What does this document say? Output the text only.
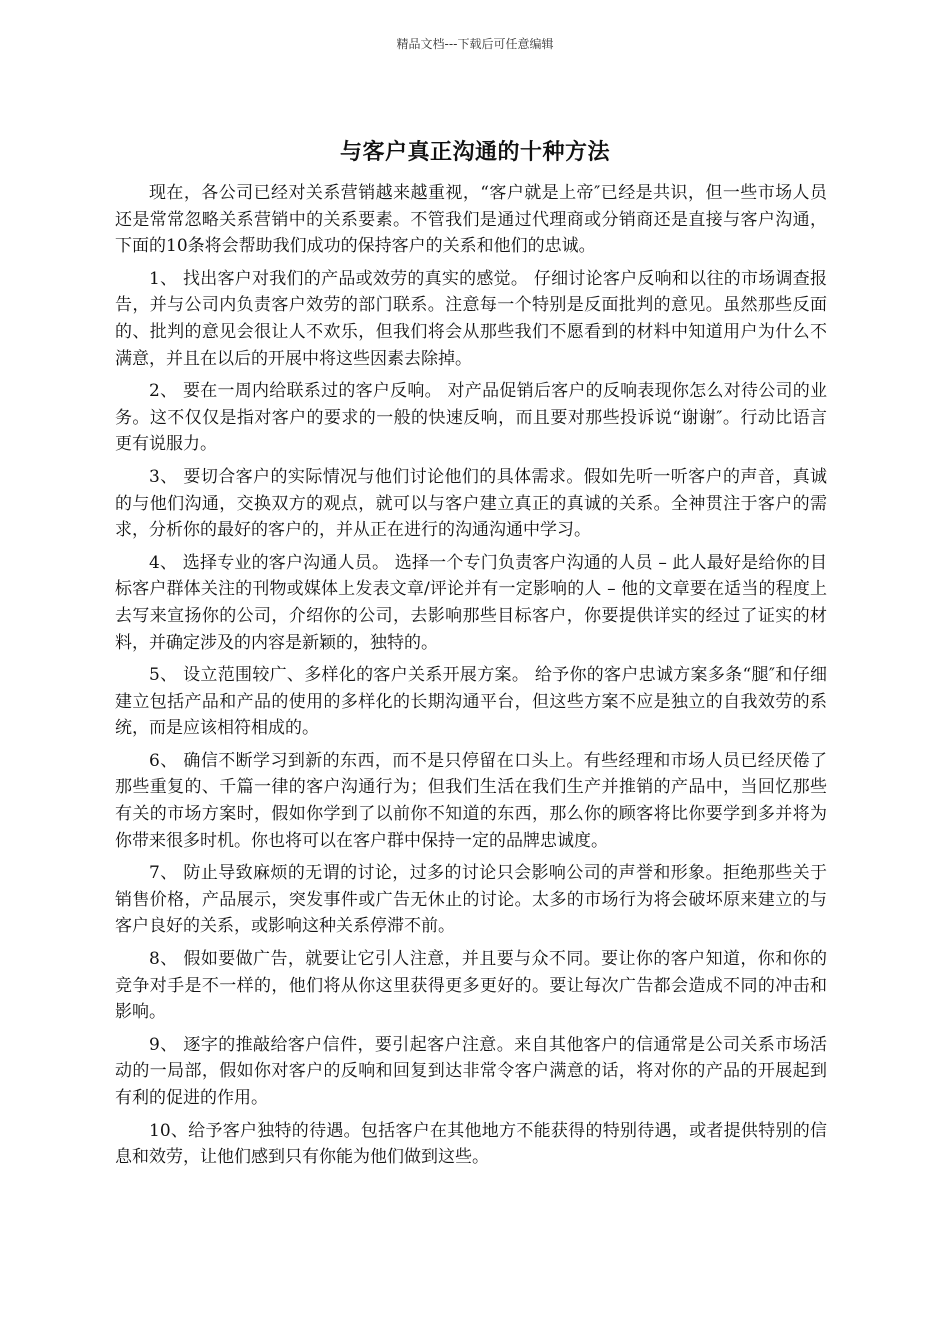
精品文档---下载后可任意编辑
与客户真正沟通的十种方法

现在，各公司已经对关系营销越来越重视，“客户就是上帝″已经是共识，但一些市场人员还是常常忽略关系营销中的关系要素。不管我们是通过代理商或分销商还是直接与客户沟通，下面的10条将会帮助我们成功的保持客户的关系和他们的忠诚。

1、 找出客户对我们的产品或效劳的真实的感觉。 仔细讨论客户反响和以往的市场调查报告，并与公司内负责客户效劳的部门联系。注意每一个特别是反面批判的意见。虽然那些反面的、批判的意见会很让人不欢乐，但我们将会从那些我们不愿看到的材料中知道用户为什么不满意，并且在以后的开展中将这些因素去除掉。

2、 要在一周内给联系过的客户反响。 对产品促销后客户的反响表现你怎么对待公司的业务。这不仅仅是指对客户的要求的一般的快速反响，而且要对那些投诉说“谢谢″。行动比语言更有说服力。

3、 要切合客户的实际情况与他们讨论他们的具体需求。假如先听一听客户的声音，真诚的与他们沟通，交换双方的观点，就可以与客户建立真正的真诚的关系。全神贯注于客户的需求，分析你的最好的客户的，并从正在进行的沟通沟通中学习。

4、 选择专业的客户沟通人员。 选择一个专门负责客户沟通的人员 – 此人最好是给你的目标客户群体关注的刊物或媒体上发表文章/评论并有一定影响的人 – 他的文章要在适当的程度上去写来宣扬你的公司，介绍你的公司，去影响那些目标客户，你要提供详实的经过了证实的材料，并确定涉及的内容是新颖的，独特的。

5、 设立范围较广、多样化的客户关系开展方案。 给予你的客户忠诚方案多条“腿″和仔细建立包括产品和产品的使用的多样化的长期沟通平台，但这些方案不应是独立的自我效劳的系统，而是应该相符相成的。

6、 确信不断学习到新的东西，而不是只停留在口头上。有些经理和市场人员已经厌倦了那些重复的、千篇一律的客户沟通行为；但我们生活在我们生产并推销的产品中，当回忆那些有关的市场方案时，假如你学到了以前你不知道的东西，那么你的顾客将比你要学到多并将为你带来很多时机。你也将可以在客户群中保持一定的品牌忠诚度。

7、 防止导致麻烦的无谓的讨论，过多的讨论只会影响公司的声誉和形象。拒绝那些关于销售价格，产品展示，突发事件或广告无休止的讨论。太多的市场行为将会破坏原来建立的与客户良好的关系，或影响这种关系停滞不前。

8、 假如要做广告，就要让它引人注意，并且要与众不同。要让你的客户知道，你和你的竞争对手是不一样的，他们将从你这里获得更多更好的。要让每次广告都会造成不同的冲击和影响。

9、 逐字的推敲给客户信件，要引起客户注意。来自其他客户的信通常是公司关系市场活动的一局部，假如你对客户的反响和回复到达非常令客户满意的话，将对你的产品的开展起到有利的促进的作用。

10、给予客户独特的待遇。包括客户在其他地方不能获得的特别待遇，或者提供特别的信息和效劳，让他们感到只有你能为他们做到这些。
